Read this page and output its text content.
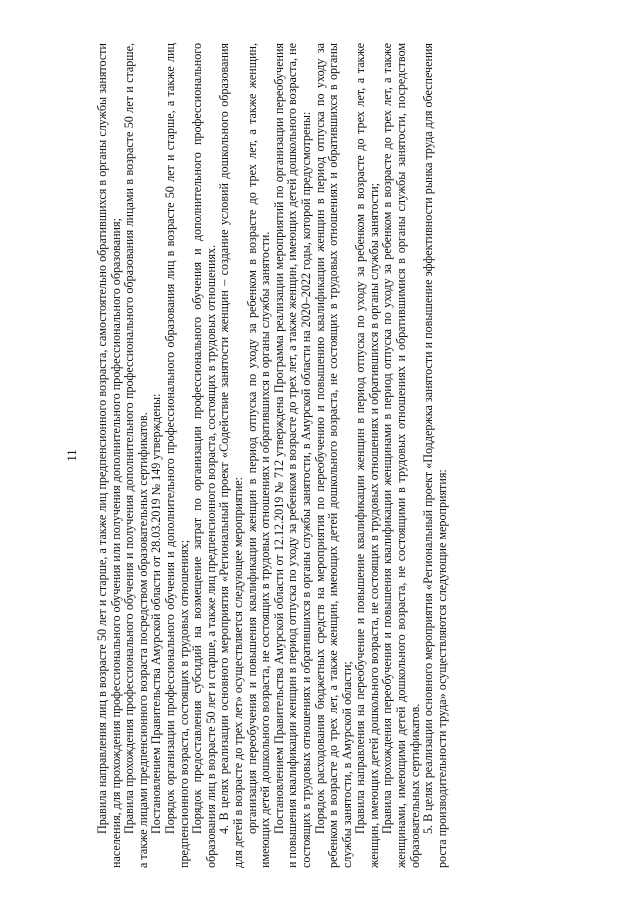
11 Правила направления лиц в возрасте 50 лет и старше, а также лиц предпенсионного возраста, самостоятельно обратившихся в органы службы занятости населения, для прохождения профессионального обучения или получения дополнительного профессионального образования; Правила прохождения профессионального обучения и получения дополнительного профессионального образования лицами в возрасте 50 лет и старше, а также лицами предпенсионного возраста посредством образовательных сертификатов. Постановлением Правительства Амурской области от 28.03.2019 № 149 утверждены: Порядок организации профессионального обучения и дополнительного профессионального образования лиц в возрасте 50 лет и старше, а также лиц предпенсионного возраста, состоящих в трудовых отношениях; Порядок предоставления субсидий на возмещение затрат по организации профессионального обучения и дополнительного профессионального образования лиц в возрасте 50 лет и старше, а также лиц предпенсионного возраста, состоящих в трудовых отношениях. 4. В целях реализации основного мероприятия «Региональный проект «Содействие занятости женщин – создание условий дошкольного образования для детей в возрасте до трех лет» осуществляется следующее мероприятие: организация переобучения и повышения квалификации женщин в период отпуска по уходу за ребенком в возрасте до трех лет, а также женщин, имеющих детей дошкольного возраста, не состоящих в трудовых отношениях и обратившихся в органы службы занятости. Постановлением Правительства Амурской области от 12.12.2019 № 712 утверждена Программа реализации мероприятий по организации переобучения и повышения квалификации женщин в период отпуска по уходу за ребенком в возрасте до трех лет, а также женщин, имеющих детей дошкольного возраста, не состоящих в трудовых отношениях и обратившихся в органы службы занятости, в Амурской области на 2020–2022 годы, которой предусмотрены: Порядок расходования бюджетных средств на мероприятия по переобучению и повышению квалификации женщин в период отпуска по уходу за ребенком в возрасте до трех лет, а также женщин, имеющих детей дошкольного возраста, не состоящих в трудовых отношениях и обратившихся в органы службы занятости, в Амурской области; Правила направления на переобучение и повышение квалификации женщин в период отпуска по уходу за ребенком в возрасте до трех лет, а также женщин, имеющих детей дошкольного возраста, не состоящих в трудовых отношениях и обратившихся в органы службы занятости; Правила прохождения переобучения и повышения квалификации женщинами в период отпуска по уходу за ребенком в возрасте до трех лет, а также женщинами, имеющими детей дошкольного возраста, не состоящими в трудовых отношениях и обратившимися в органы службы занятости, посредством образовательных сертификатов. 5. В целях реализации основного мероприятия «Региональный проект «Поддержка занятости и повышение эффективности рынка труда для обеспечения роста производительности труда» осуществляются следующие мероприятия:
